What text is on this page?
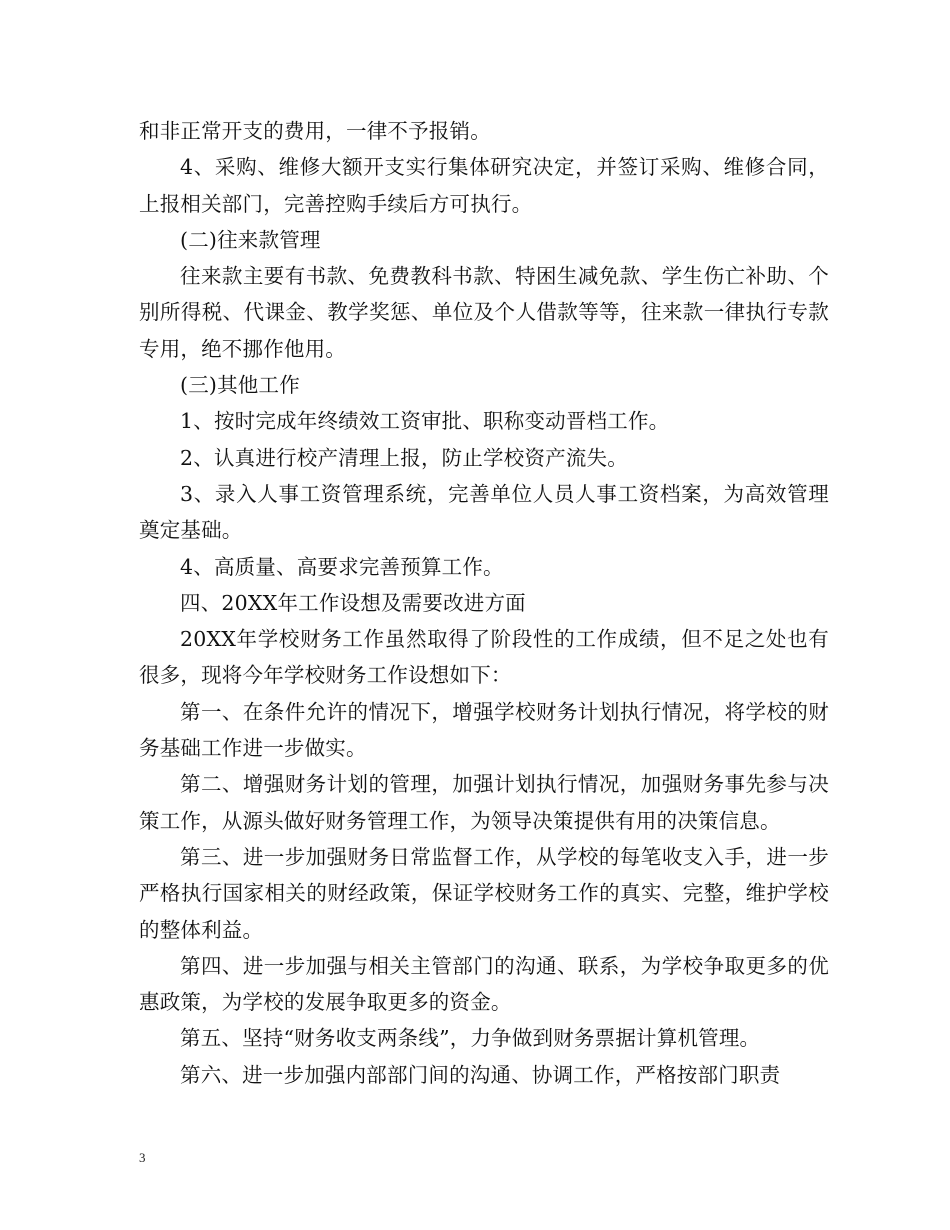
和非正常开支的费用，一律不予报销。

4、采购、维修大额开支实行集体研究决定，并签订采购、维修合同，上报相关部门，完善控购手续后方可执行。

(二)往来款管理

往来款主要有书款、免费教科书款、特困生减免款、学生伤亡补助、个别所得税、代课金、教学奖惩、单位及个人借款等等，往来款一律执行专款专用，绝不挪作他用。

(三)其他工作

1、按时完成年终绩效工资审批、职称变动晋档工作。

2、认真进行校产清理上报，防止学校资产流失。

3、录入人事工资管理系统，完善单位人员人事工资档案，为高效管理奠定基础。

4、高质量、高要求完善预算工作。

四、20XX年工作设想及需要改进方面

20XX年学校财务工作虽然取得了阶段性的工作成绩，但不足之处也有很多，现将今年学校财务工作设想如下：

第一、在条件允许的情况下，增强学校财务计划执行情况，将学校的财务基础工作进一步做实。

第二、增强财务计划的管理，加强计划执行情况，加强财务事先参与决策工作，从源头做好财务管理工作，为领导决策提供有用的决策信息。

第三、进一步加强财务日常监督工作，从学校的每笔收支入手，进一步严格执行国家相关的财经政策，保证学校财务工作的真实、完整，维护学校的整体利益。

第四、进一步加强与相关主管部门的沟通、联系，为学校争取更多的优惠政策，为学校的发展争取更多的资金。

第五、坚持“财务收支两条线”，力争做到财务票据计算机管理。

第六、进一步加强内部部门间的沟通、协调工作，严格按部门职责

3
